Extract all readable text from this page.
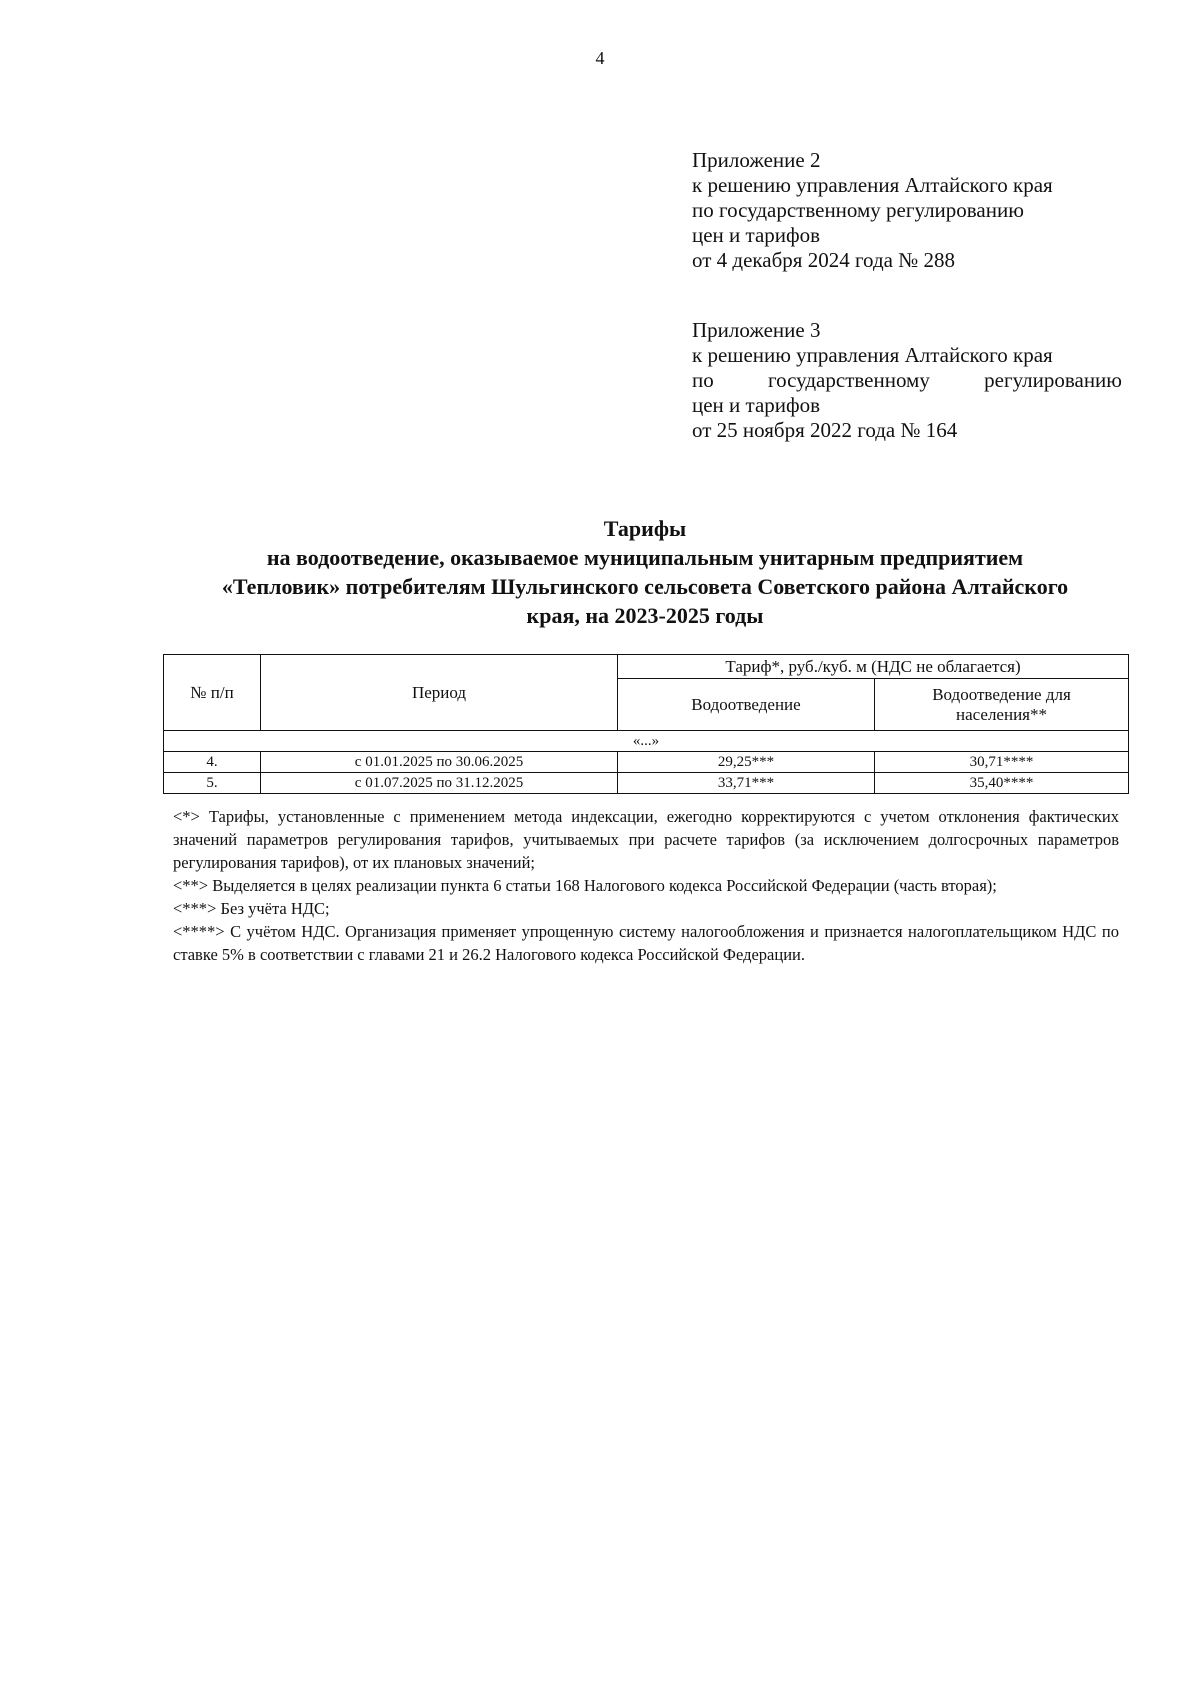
4
Приложение 2
к решению управления Алтайского края
по государственному регулированию
цен и тарифов
от 4 декабря 2024 года № 288
Приложение 3
к решению управления Алтайского края
по государственному регулированию
цен и тарифов
от 25 ноября 2022 года № 164
Тарифы
на водоотведение, оказываемое муниципальным унитарным предприятием
«Тепловик» потребителям Шульгинского сельсовета Советского района Алтайского
края, на 2023-2025 годы
№ п/п	Период	Тариф*, руб./куб. м (НДС не облагается)	
		Водоотведение	Водоотведение для населения**
«...»			
4.	с 01.01.2025 по 30.06.2025	29,25***	30,71****
5.	с 01.07.2025 по 31.12.2025	33,71***	35,40****

<*> Тарифы, установленные с применением метода индексации, ежегодно корректируются с учетом отклонения фактических значений параметров регулирования тарифов, учитываемых при расчете тарифов (за исключением долгосрочных параметров регулирования тарифов), от их плановых значений;

<**> Выделяется в целях реализации пункта 6 статьи 168 Налогового кодекса Российской Федерации (часть вторая);

<***> Без учёта НДС;

<****> С учётом НДС. Организация применяет упрощенную систему налогообложения и признается налогоплательщиком НДС по ставке 5% в соответствии с главами 21 и 26.2 Налогового кодекса Российской Федерации.
